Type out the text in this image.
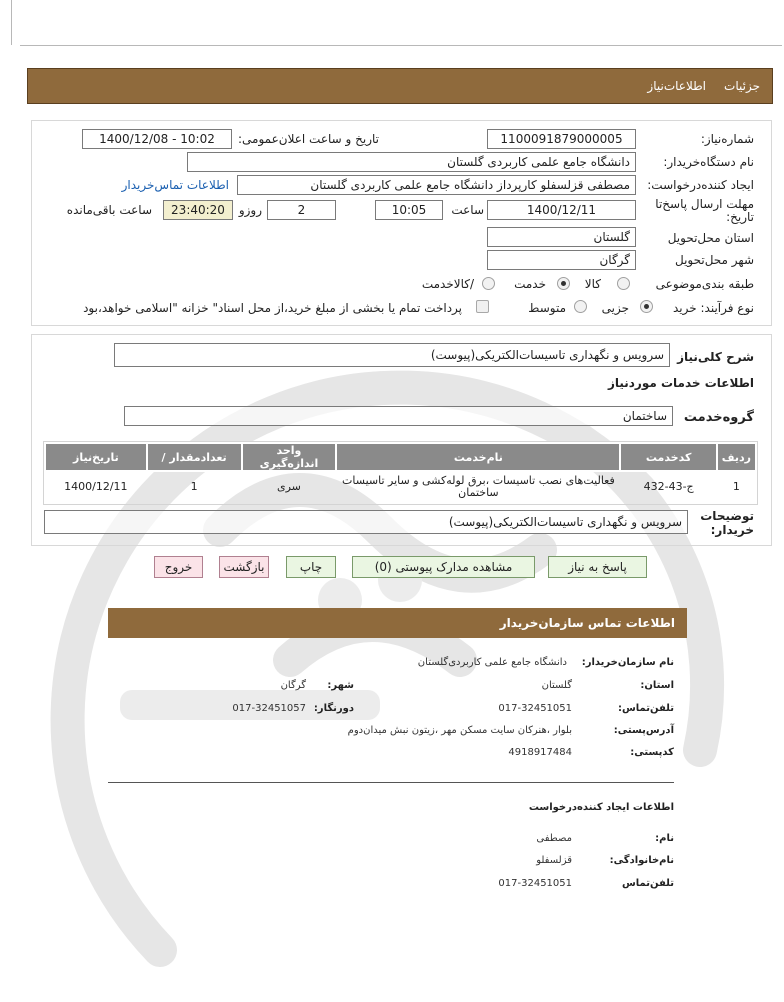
جزئیات
اطلاعات‌نیاز
شماره‌نیاز:
1100091879000005
تاریخ و ساعت اعلان‌عمومی:
1400/12/08 - 10:02
نام دستگاه‌خریدار:
دانشگاه جامع علمی کاربردی گلستان
ایجاد کننده‌درخواست:
مصطفی قزلسفلو کارپرداز دانشگاه جامع علمی کاربردی گلستان
اطلاعات تماس‌خریدار
مهلت ارسال پاسخ‌تا تاریخ:
1400/12/11
ساعت
10:05
2
روزو
23:40:20
ساعت باقی‌مانده
استان محل‌تحویل
گلستان
شهر محل‌تحویل
گرگان
طبقه بندی‌موضوعی
کالا
خدمت
/کالاخدمت
نوع فرآیند: خرید
جزیی
متوسط
پرداخت تمام یا بخشی از مبلغ خرید،از محل اسناد" خزانه "اسلامی خواهد،بود
شرح کلی‌نیاز
سرویس و نگهداری تاسیسات‌الکتریکی(پیوست)
اطلاعات خدمات موردنیاز
گروه‌خدمت
ساختمان
ردیف	کدخدمت	نام‌خدمت	واحد اندازه‌گیری	تعدادمقدار /	تاریخ‌نیاز
1	ج-43-432	فعالیت‌های نصب تاسیسات ،برق لوله‌کشی و سایر تاسیسات ساختمان	سری	1	1400/12/11
توضیحات خریدار:
سرویس و نگهداری تاسیسات‌الکتریکی(پیوست)
پاسخ به نیاز
مشاهده مدارک پیوستی (0)
چاپ
بازگشت
خروج
اطلاعات تماس سازمان‌خریدار
نام سازمان‌خریدار:
دانشگاه جامع علمی کاربردی‌گلستان
استان:
گلستان
شهر:
گرگان
تلفن‌تماس:
017-32451051
دورنگار:
017-32451057
آدرس‌پستی:
بلوار ،هنرکان سایت مسکن مهر ،زیتون نبش میدان‌دوم
کدپستی:
4918917484
اطلاعات ایجاد کننده‌درخواست
نام:
مصطفی
نام‌خانوادگی:
قزلسفلو
تلفن‌تماس
017-32451051
